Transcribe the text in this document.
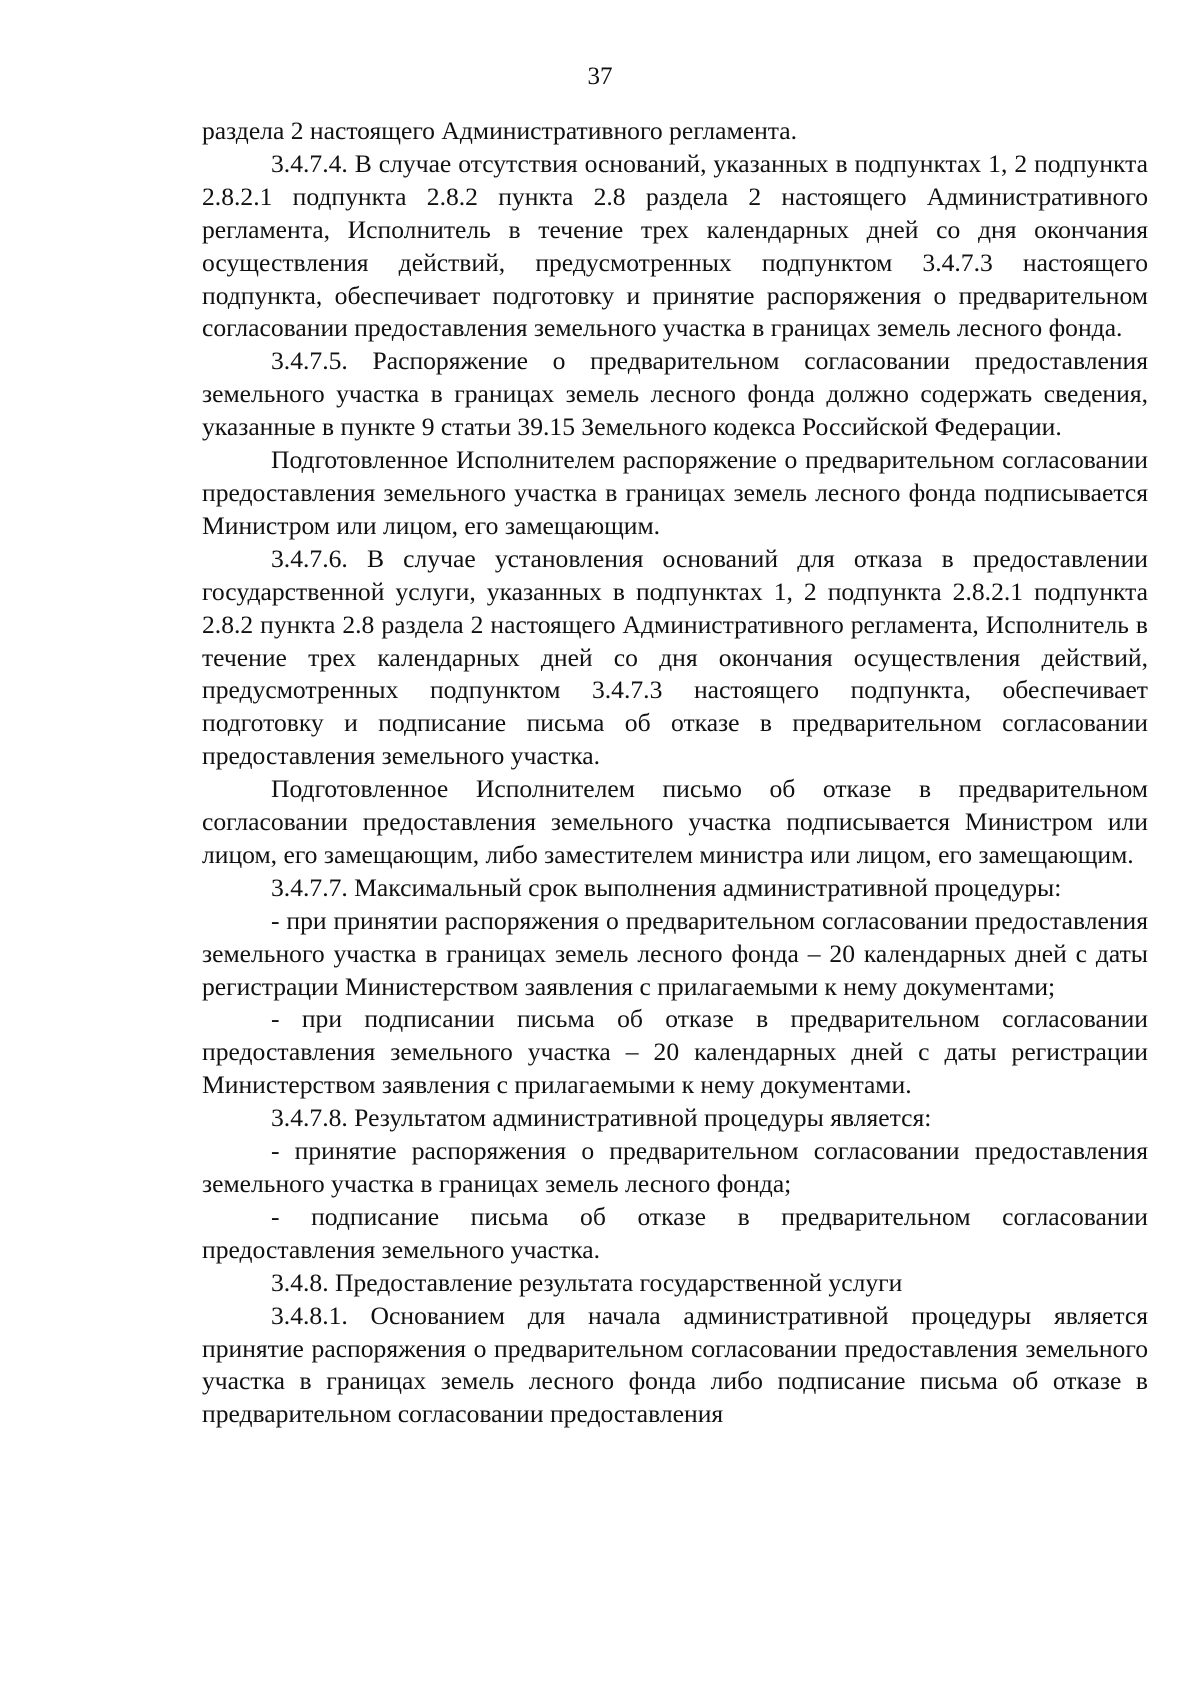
37

раздела 2 настоящего Административного регламента.

3.4.7.4. В случае отсутствия оснований, указанных в подпунктах 1, 2 подпункта 2.8.2.1 подпункта 2.8.2 пункта 2.8 раздела 2 настоящего Административного регламента, Исполнитель в течение трех календарных дней со дня окончания осуществления действий, предусмотренных подпунктом 3.4.7.3 настоящего подпункта, обеспечивает подготовку и принятие распоряжения о предварительном согласовании предоставления земельного участка в границах земель лесного фонда.

3.4.7.5. Распоряжение о предварительном согласовании предоставления земельного участка в границах земель лесного фонда должно содержать сведения, указанные в пункте 9 статьи 39.15 Земельного кодекса Российской Федерации.

Подготовленное Исполнителем распоряжение о предварительном согласовании предоставления земельного участка в границах земель лесного фонда подписывается Министром или лицом, его замещающим.

3.4.7.6. В случае установления оснований для отказа в предоставлении государственной услуги, указанных в подпунктах 1, 2 подпункта 2.8.2.1 подпункта 2.8.2 пункта 2.8 раздела 2 настоящего Административного регламента, Исполнитель в течение трех календарных дней со дня окончания осуществления действий, предусмотренных подпунктом 3.4.7.3 настоящего подпункта, обеспечивает подготовку и подписание письма об отказе в предварительном согласовании предоставления земельного участка.

Подготовленное Исполнителем письмо об отказе в предварительном согласовании предоставления земельного участка подписывается Министром или лицом, его замещающим, либо заместителем министра или лицом, его замещающим.

3.4.7.7. Максимальный срок выполнения административной процедуры:

- при принятии распоряжения о предварительном согласовании предоставления земельного участка в границах земель лесного фонда – 20 календарных дней с даты регистрации Министерством заявления с прилагаемыми к нему документами;

- при подписании письма об отказе в предварительном согласовании предоставления земельного участка – 20 календарных дней с даты регистрации Министерством заявления с прилагаемыми к нему документами.

3.4.7.8. Результатом административной процедуры является:

- принятие распоряжения о предварительном согласовании предоставления земельного участка в границах земель лесного фонда;

- подписание письма об отказе в предварительном согласовании предоставления земельного участка.

3.4.8. Предоставление результата государственной услуги

3.4.8.1. Основанием для начала административной процедуры является принятие распоряжения о предварительном согласовании предоставления земельного участка в границах земель лесного фонда либо подписание письма об отказе в предварительном согласовании предоставления
